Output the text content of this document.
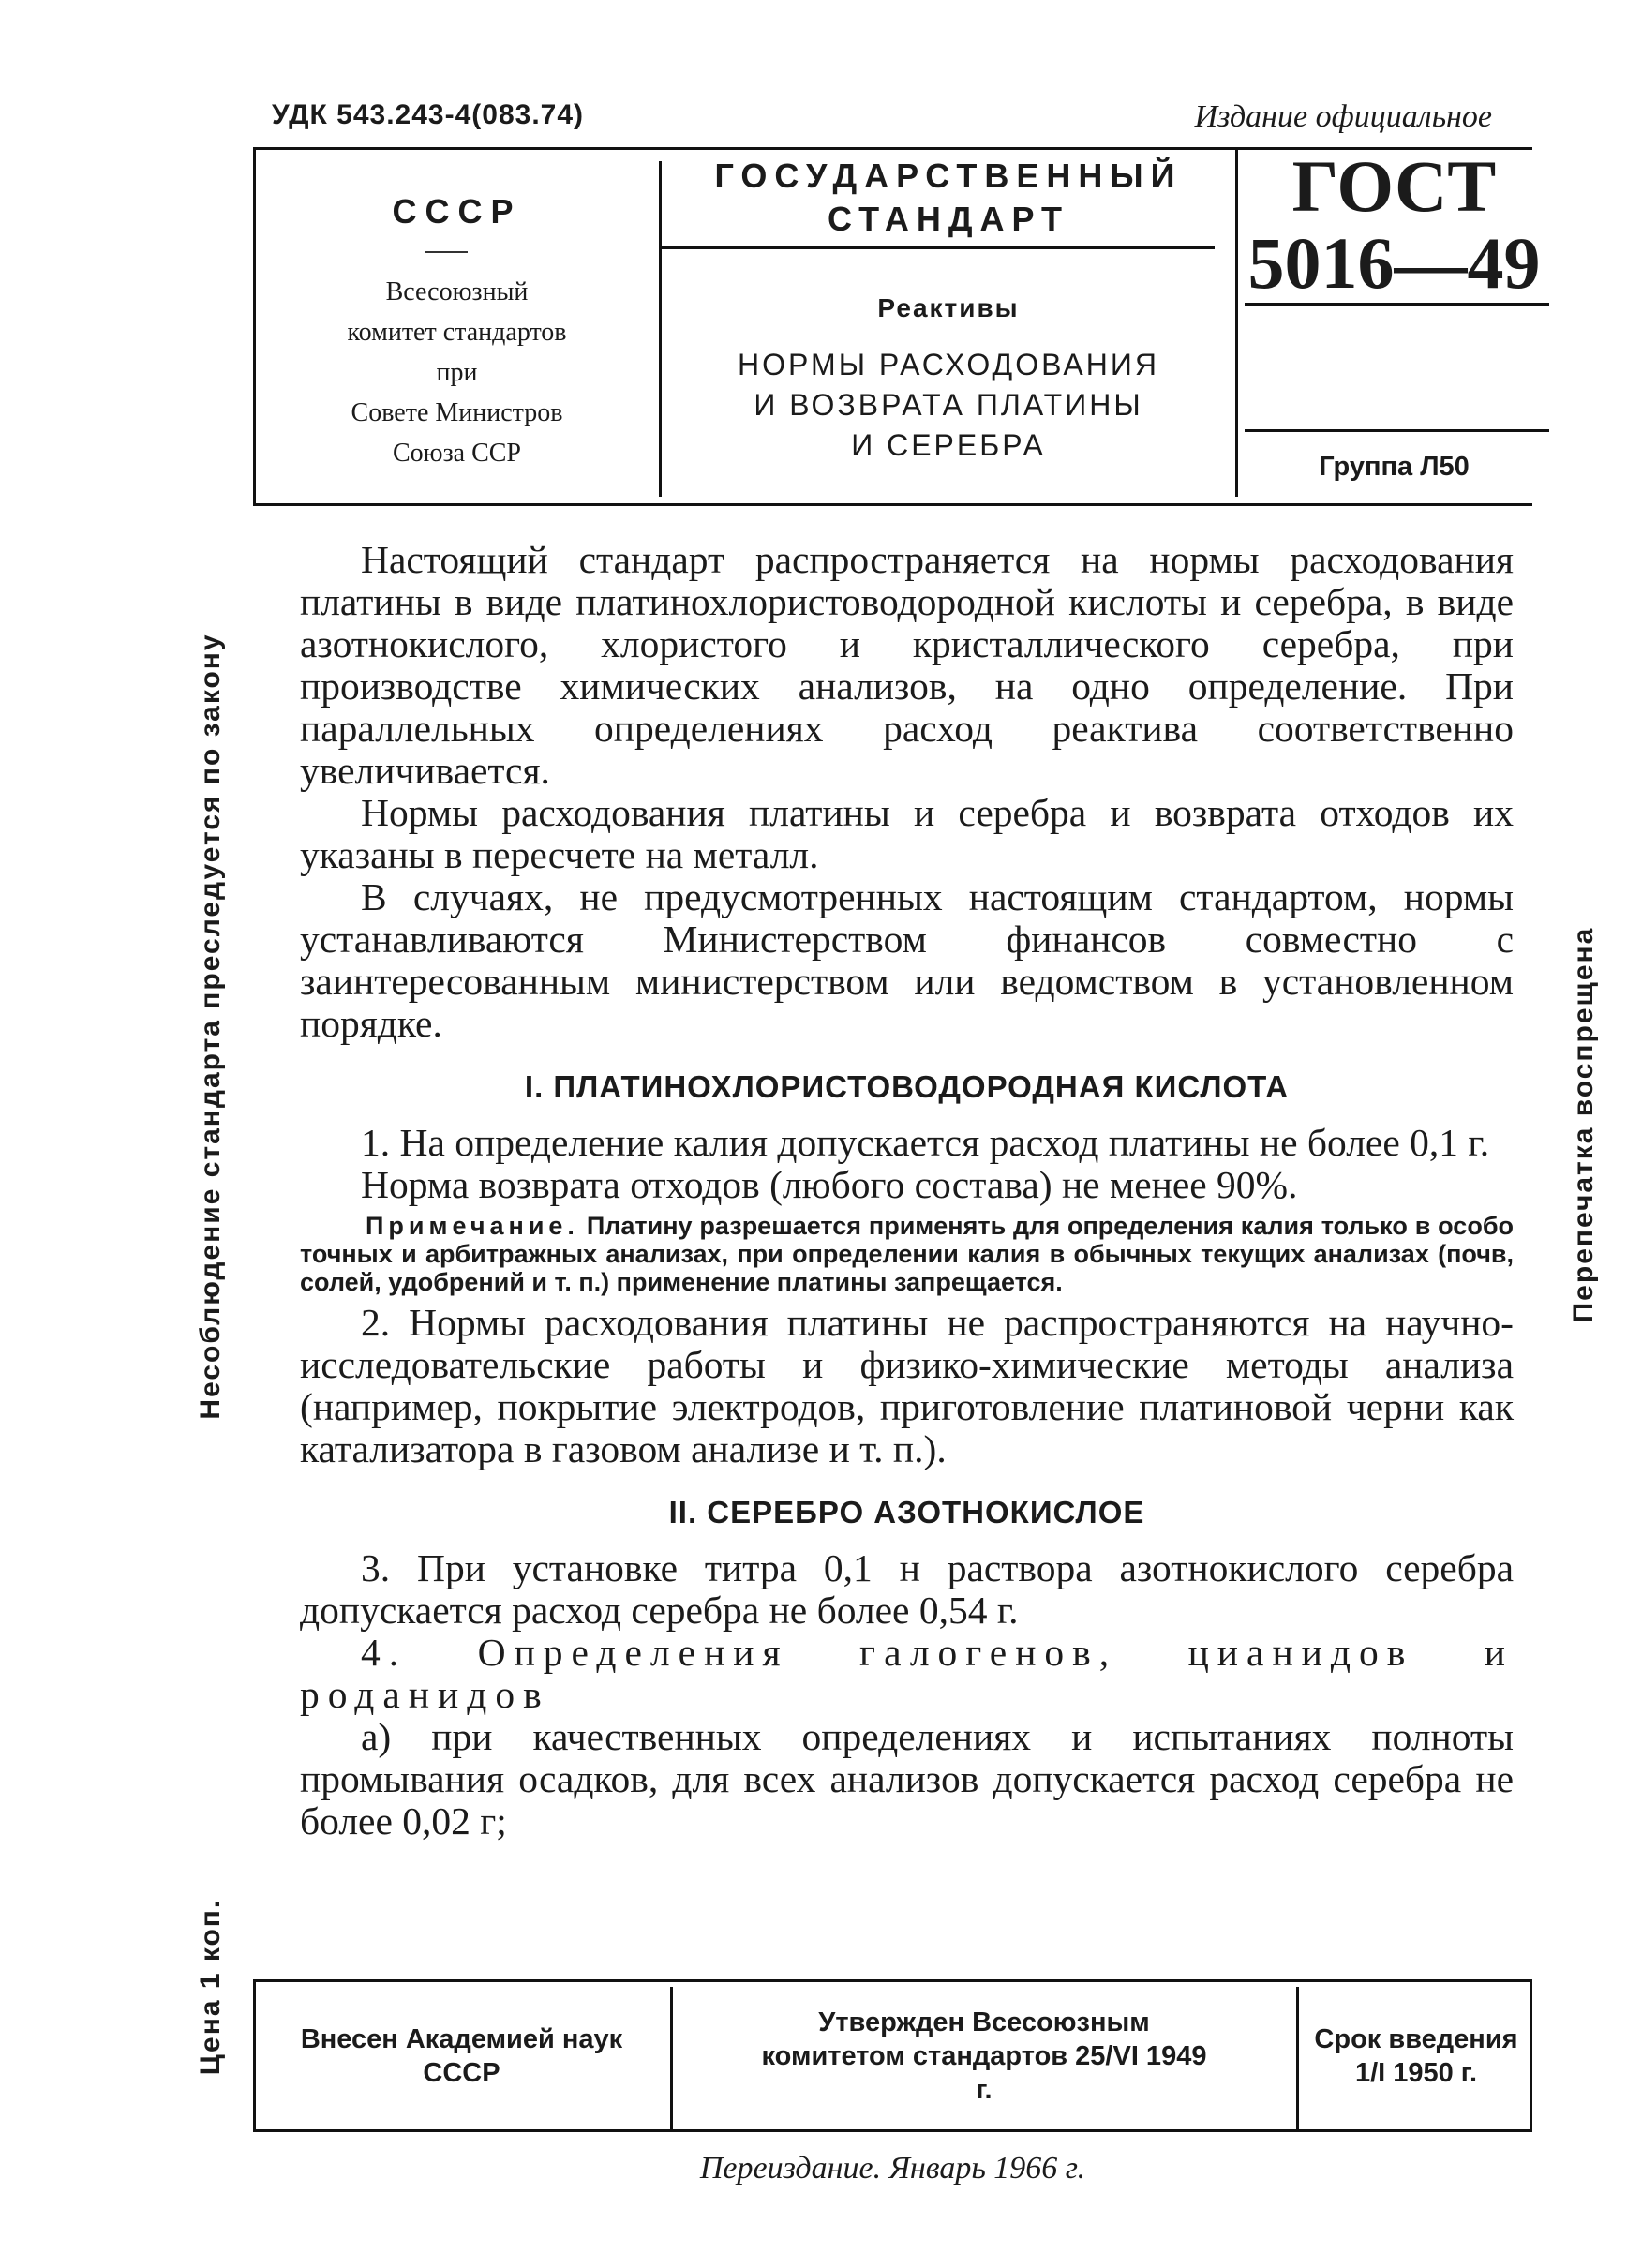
УДК 543.243-4(083.74)	Издание официальное
СССР
Всесоюзный
комитет стандартов
при
Совете Министров
Союза ССР
ГОСУДАРСТВЕННЫЙ
СТАНДАРТ
Реактивы
НОРМЫ РАСХОДОВАНИЯ
И ВОЗВРАТА ПЛАТИНЫ
И СЕРЕБРА
ГОСТ
5016—49
Группа Л50

Настоящий стандарт распространяется на нормы расходования платины в виде платинохлористоводородной кислоты и серебра, в виде азотнокислого, хлористого и кристаллического серебра, при производстве химических анализов, на одно определение. При параллельных определениях расход реактива соответственно увеличивается.

Нормы расходования платины и серебра и возврата отходов их указаны в пересчете на металл.

В случаях, не предусмотренных настоящим стандартом, нормы устанавливаются Министерством финансов совместно с заинтересованным министерством или ведомством в установленном порядке.

I. ПЛАТИНОХЛОРИСТОВОДОРОДНАЯ КИСЛОТА

1. На определение калия допускается расход платины не более 0,1 г.

Норма возврата отходов (любого состава) не менее 90%.

Примечание. Платину разрешается применять для определения калия только в особо точных и арбитражных анализах, при определении калия в обычных текущих анализах (почв, солей, удобрений и т. п.) применение платины запрещается.

2. Нормы расходования платины не распространяются на научно-исследовательские работы и физико-химические методы анализа (например, покрытие электродов, приготовление платиновой черни как катализатора в газовом анализе и т. п.).

II. СЕРЕБРО АЗОТНОКИСЛОЕ

3. При установке титра 0,1 н раствора азотнокислого серебра допускается расход серебра не более 0,54 г.

4. Определения галогенов, цианидов и роданидов

а) при качественных определениях и испытаниях полноты промывания осадков, для всех анализов допускается расход серебра не более 0,02 г;

Несоблюдение стандарта преследуется по закону
Цена 1 коп.
Перепечатка воспрещена
Внесен Академией наук СССР
Утвержден Всесоюзным комитетом стандартов 25/VI 1949 г.
Срок введения 1/I 1950 г.
Переиздание. Январь 1966 г.
